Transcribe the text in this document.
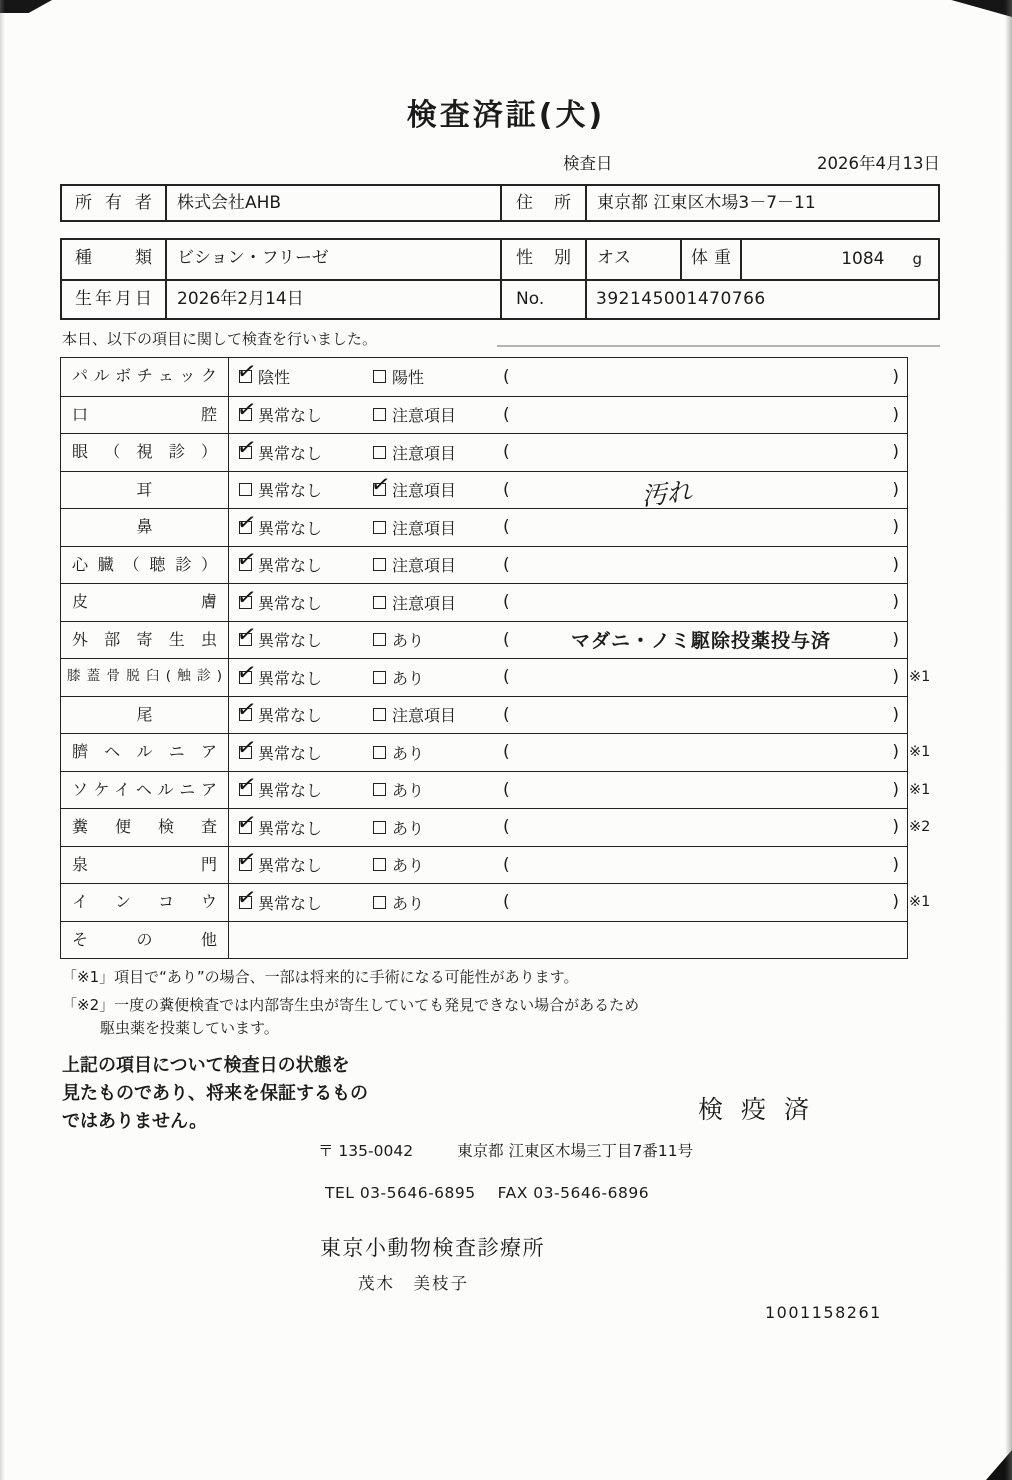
検査済証(犬)
検査日	2026年4月13日
所有者	株式会社AHB	住所	東京都 江東区木場3－7－11
種類	ビション・フリーゼ	性別	オス	体重	1084 g
生年月日	2026年2月14日	No.	392145001470766
本日、以下の項目に関して検査を行いました。
パルボチェック ✓	陰性	陽性	(	)
口腔 ✓	異常なし	注意項目	(	)
眼（視診） ✓	異常なし	注意項目	(	)
耳	異常なし ✓	注意項目	(	汚れ	)
鼻 ✓	異常なし	注意項目	(	)
心臓（聴診） ✓	異常なし	注意項目	(	)
皮膚 ✓	異常なし	注意項目	(	)
外部寄生虫 ✓	異常なし	あり	(	マダニ・ノミ駆除投薬投与済	)
膝蓋骨脱臼(触診) ✓	異常なし	あり	(	) ※1
尾 ✓	異常なし	注意項目	(	)
臍ヘルニア ✓	異常なし	あり	(	) ※1
ソケイヘルニア ✓	異常なし	あり	(	) ※1
糞便検査 ✓	異常なし	あり	(	) ※2
泉門 ✓	異常なし	あり	(	)
インコウ ✓	異常なし	あり	(	) ※1
その他
「※1」項目で“あり”の場合、一部は将来的に手術になる可能性があります。
「※2」一度の糞便検査では内部寄生虫が寄生していても発見できない場合があるため
駆虫薬を投薬しています。
上記の項目について検査日の状態を
見たものであり、将来を保証するもの
ではありません。	検疫済
〒 135-0042	東京都 江東区木場三丁目7番11号
TEL 03-5646-6895 FAX 03-5646-6896
東京小動物検査診療所
茂木　美枝子
1001158261
